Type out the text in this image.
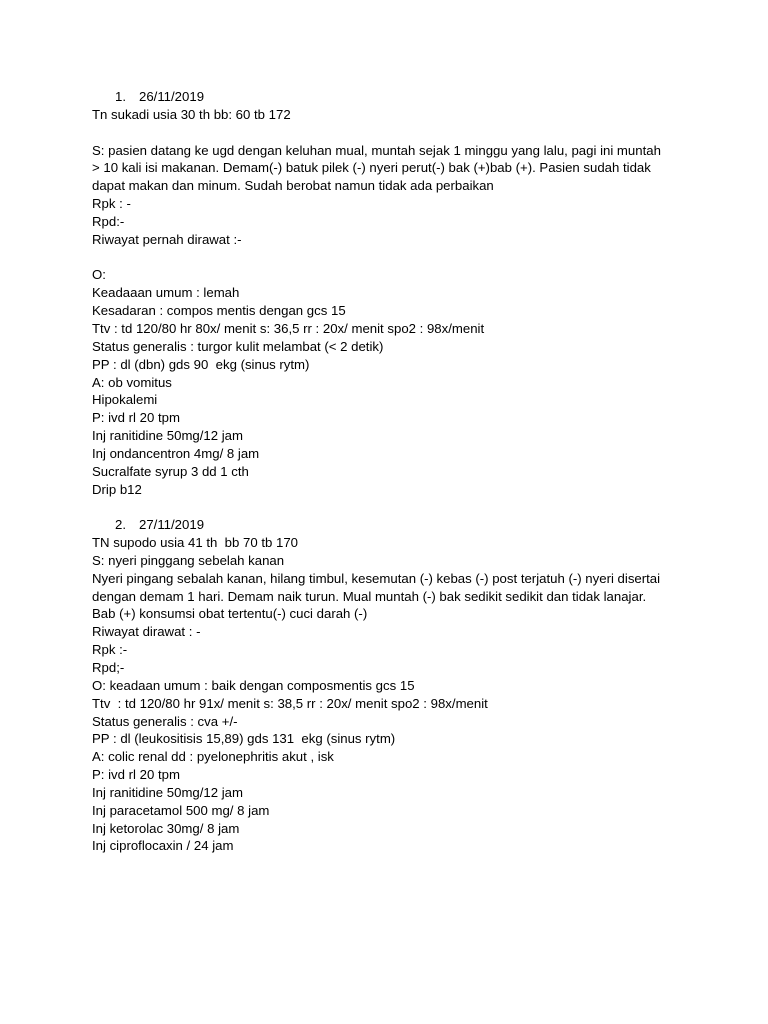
1. 26/11/2019
Tn sukadi usia 30 th bb: 60 tb 172
S: pasien datang ke ugd dengan keluhan mual, muntah sejak 1 minggu yang lalu, pagi ini muntah > 10 kali isi makanan. Demam(-) batuk pilek (-) nyeri perut(-) bak (+)bab (+). Pasien sudah tidak dapat makan dan minum. Sudah berobat namun tidak ada perbaikan
Rpk : -
Rpd:-
Riwayat pernah dirawat :-
O:
Keadaaan umum : lemah
Kesadaran : compos mentis dengan gcs 15
Ttv : td 120/80 hr 80x/ menit s: 36,5 rr : 20x/ menit spo2 : 98x/menit
Status generalis : turgor kulit melambat (< 2 detik)
PP : dl (dbn) gds 90  ekg (sinus rytm)
A: ob vomitus
Hipokalemi
P: ivd rl 20 tpm
Inj ranitidine 50mg/12 jam
Inj ondancentron 4mg/ 8 jam
Sucralfate syrup 3 dd 1 cth
Drip b12
2. 27/11/2019
TN supodo usia 41 th  bb 70 tb 170
S: nyeri pinggang sebelah kanan
Nyeri pingang sebalah kanan, hilang timbul, kesemutan (-) kebas (-) post terjatuh (-) nyeri disertai dengan demam 1 hari. Demam naik turun. Mual muntah (-) bak sedikit sedikit dan tidak lanajar. Bab (+) konsumsi obat tertentu(-) cuci darah (-)
Riwayat dirawat : -
Rpk :-
Rpd;-
O: keadaan umum : baik dengan composmentis gcs 15
Ttv  : td 120/80 hr 91x/ menit s: 38,5 rr : 20x/ menit spo2 : 98x/menit
Status generalis : cva +/-
PP : dl (leukositisis 15,89) gds 131  ekg (sinus rytm)
A: colic renal dd : pyelonephritis akut , isk
P: ivd rl 20 tpm
Inj ranitidine 50mg/12 jam
Inj paracetamol 500 mg/ 8 jam
Inj ketorolac 30mg/ 8 jam
Inj ciproflocaxin / 24 jam
